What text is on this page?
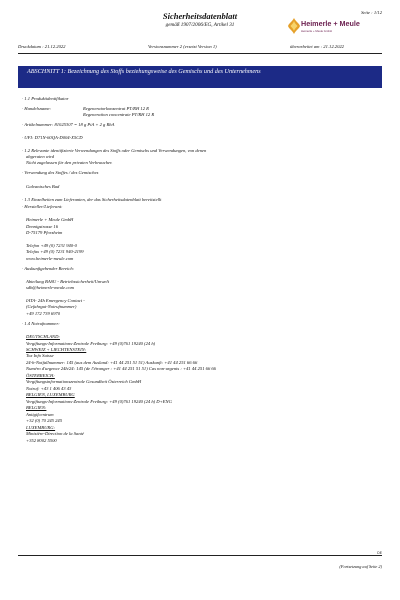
Seite : 1/12
Sicherheitsdatenblatt
gemäß 1907/2006/EG, Artikel 31	Heimerle + Meule
Heimerle + Meule GmbH
Druckdatum : 21.12.2022	Versionsnummer 2 (ersetzt Version 1)	überarbeitet am : 21.12.2022
ABSCHNITT 1: Bezeichnung des Stoffs beziehungsweise des Gemischs und des Unternehmens
· 1.1 Produktidentifikator
· Handelsname:	Regeneratorkonzentrat PT/RH 12 R
Regeneration concentrate PT/RH 12 R
· Artikelnummer: 81025307 = 18 g PtA + 2 g RhA
· UFI: D71N-60QA-D004-X5CD
· 1.2 Relevante identifizierte Verwendungen des Stoffs oder Gemischs und Verwendungen, von denen
abgeraten wird
Nicht zugelassen für den privaten Verbraucher.
· Verwendung des Stoffes / des Gemisches
Galvanisches Bad
· 1.3 Einzelheiten zum Lieferanten, der das Sicherheitsdatenblatt bereitstellt
· Hersteller/Lieferant:
Heimerle + Meule GmbH
Dennigstrasse 16
D-75179 Pforzheim
Telefon +49 (0) 7231 940-0
Telefax +49 (0) 7231 940-2199
www.heimerle-meule.com
· Auskunftgebender Bereich:
Abteilung BASU - Betriebssicherheit/Umwelt
sdb@heimerle-meule.com
IATA- 24h Emergency Contact -
(Gefahrgut-Notrufnummer)
+49 172 739 6970
· 1.4 Notrufnummer:
DEUTSCHLAND:
Vergiftungs-Informations-Zentrale Freiburg: +49 (0)761 19240 (24 h)
SCHWEIZ + LIECHTENSTEIN:
Tox Info Suisse
24-h-Notfallnummer: 145 (aus dem Ausland: +41 44 251 51 51) Auskunft: +41 44 251 66 66
Numéro d'urgence 24h/24: 145 (de l'étranger : +41 44 251 51 51) Cas non-urgents : +41 44 251 66 66
ÖSTERREICH:
Vergiftungsinformationszentrale Gesundheit Österreich GmbH
Notruf: +43 1 406 43 43
BELGIEN, LUXEMBURG
Vergiftungs-Informations-Zentrale Freiburg: +49 (0)761 19240 (24 h) D+ENG
BELGIEN:
Antigifcentrum
+32 (0) 70 245 245
LUXEMBURG:
Ministère-Direction de la Santé
+352 8002 5500
DE
(Fortsetzung auf Seite 2)
